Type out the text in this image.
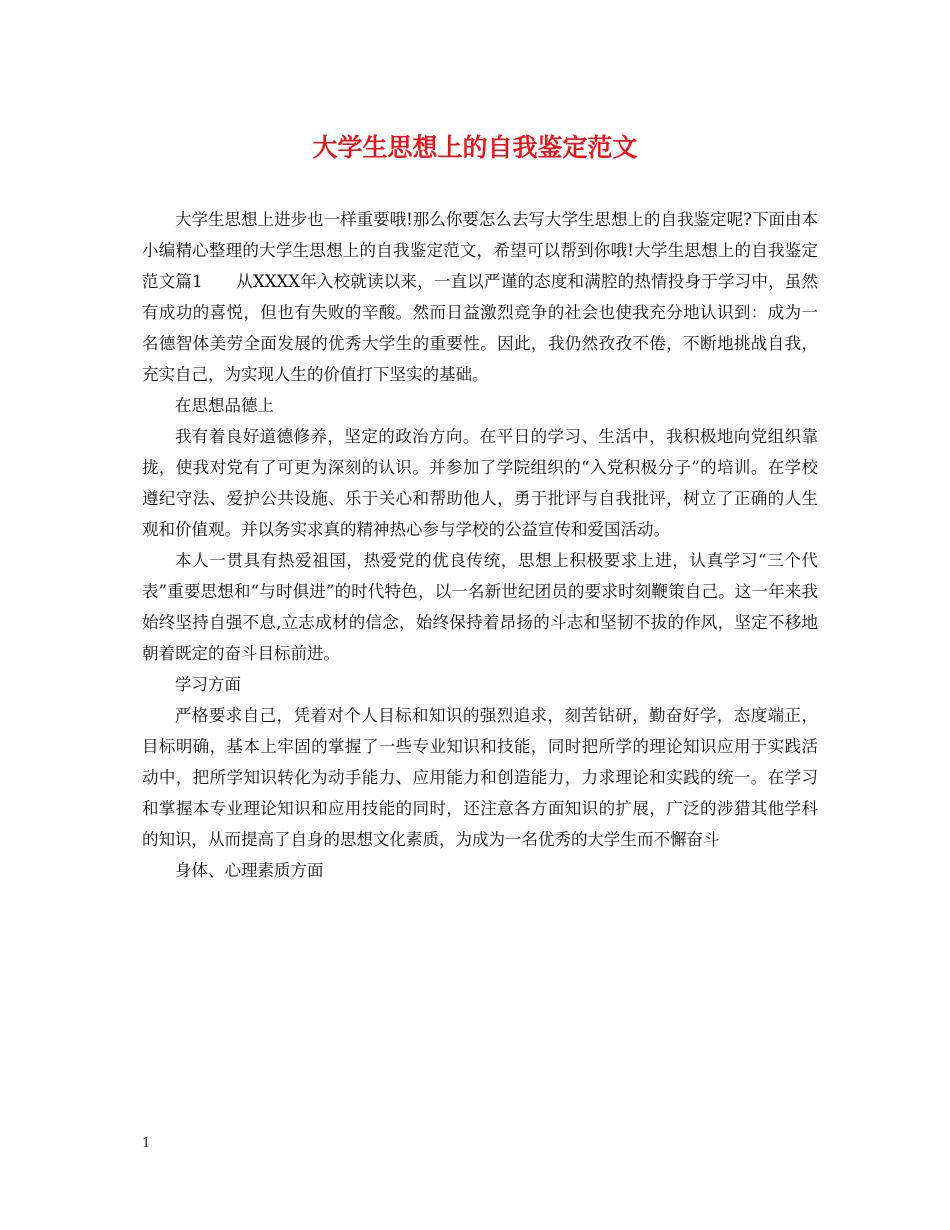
大学生思想上的自我鉴定范文

大学生思想上进步也一样重要哦!那么你要怎么去写大学生思想上的自我鉴定呢?下面由本小编精心整理的大学生思想上的自我鉴定范文，希望可以帮到你哦!大学生思想上的自我鉴定范文篇1　　从XXXX年入校就读以来，一直以严谨的态度和满腔的热情投身于学习中，虽然有成功的喜悦，但也有失败的辛酸。然而日益激烈竞争的社会也使我充分地认识到：成为一名德智体美劳全面发展的优秀大学生的重要性。因此，我仍然孜孜不倦，不断地挑战自我，充实自己，为实现人生的价值打下坚实的基础。

在思想品德上

我有着良好道德修养，坚定的政治方向。在平日的学习、生活中，我积极地向党组织靠拢，使我对党有了可更为深刻的认识。并参加了学院组织的“入党积极分子”的培训。在学校遵纪守法、爱护公共设施、乐于关心和帮助他人，勇于批评与自我批评，树立了正确的人生观和价值观。并以务实求真的精神热心参与学校的公益宣传和爱国活动。

本人一贯具有热爱祖国，热爱党的优良传统，思想上积极要求上进，认真学习“三个代表”重要思想和“与时俱进”的时代特色，以一名新世纪团员的要求时刻鞭策自己。这一年来我始终坚持自强不息,立志成材的信念，始终保持着昂扬的斗志和坚韧不拔的作风，坚定不移地朝着既定的奋斗目标前进。

学习方面

严格要求自己，凭着对个人目标和知识的强烈追求，刻苦钻研，勤奋好学，态度端正，目标明确，基本上牢固的掌握了一些专业知识和技能，同时把所学的理论知识应用于实践活动中，把所学知识转化为动手能力、应用能力和创造能力，力求理论和实践的统一。在学习和掌握本专业理论知识和应用技能的同时，还注意各方面知识的扩展，广泛的涉猎其他学科的知识，从而提高了自身的思想文化素质，为成为一名优秀的大学生而不懈奋斗

身体、心理素质方面

1
